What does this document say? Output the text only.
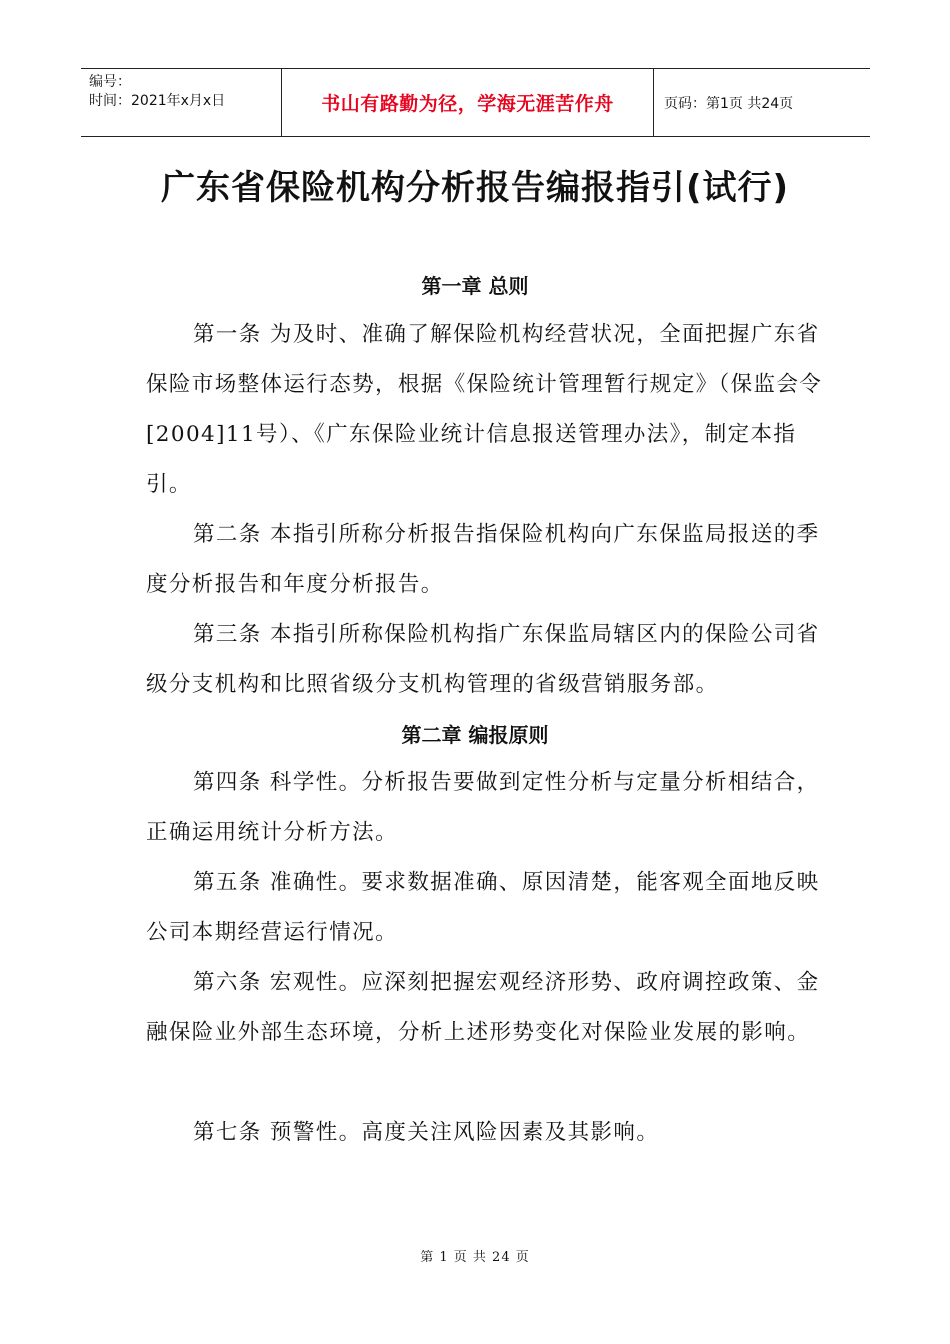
编号：
时间：2021年x月x日	书山有路勤为径，学海无涯苦作舟	页码：第1页 共24页
广东省保险机构分析报告编报指引(试行)
第一章 总则

第一条 为及时、准确了解保险机构经营状况，全面把握广东省保险市场整体运行态势，根据《保险统计管理暂行规定》（保监会令[2004]11号）、《广东保险业统计信息报送管理办法》，制定本指引。

第二条 本指引所称分析报告指保险机构向广东保监局报送的季度分析报告和年度分析报告。

第三条 本指引所称保险机构指广东保监局辖区内的保险公司省级分支机构和比照省级分支机构管理的省级营销服务部。

第二章 编报原则

第四条 科学性。分析报告要做到定性分析与定量分析相结合，正确运用统计分析方法。

第五条 准确性。要求数据准确、原因清楚，能客观全面地反映公司本期经营运行情况。

第六条 宏观性。应深刻把握宏观经济形势、政府调控政策、金融保险业外部生态环境，分析上述形势变化对保险业发展的影响。

第七条 预警性。高度关注风险因素及其影响。

第 1 页 共 24 页
